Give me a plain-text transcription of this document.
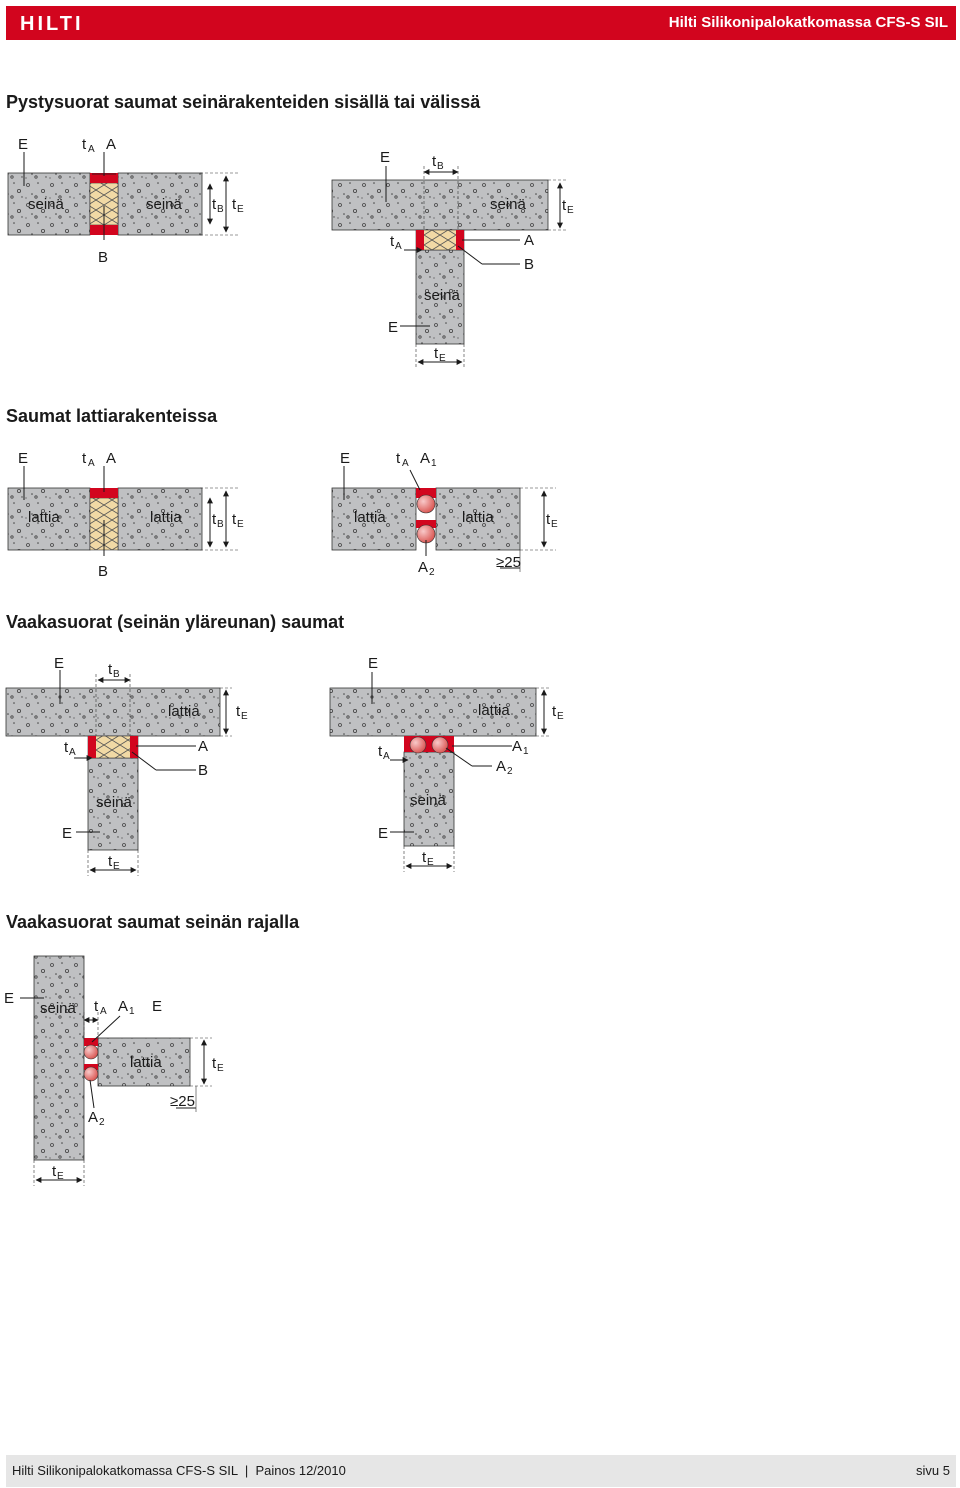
HILTI	Hilti Silikonipalokatkomassa CFS-S SIL
Pystysuorat saumat seinärakenteiden sisällä tai välissä
Saumat lattiarakenteissa
Vaakasuorat (seinän yläreunan) saumat
Vaakasuorat saumat seinän rajalla
E	t A A
seinä	seinä t B t E
B
E	t B
seinä t E
t A	A
B
seinä
E
t E
E	t A A
lattia	lattia t B t E
B
E	t A A 1
lattia	lattia	t E
A 2
≥25
E	t B
lattia t E
t A	A
B
seinä
E
t E
E
lattia	t E
t A
A 1
A 2
seinä
E
t E
E
seinä t A A 1 E
lattia	t E
≥25
A 2
t E
Hilti Silikonipalokatkomassa CFS-S SIL  |  Painos 12/2010	sivu 5
